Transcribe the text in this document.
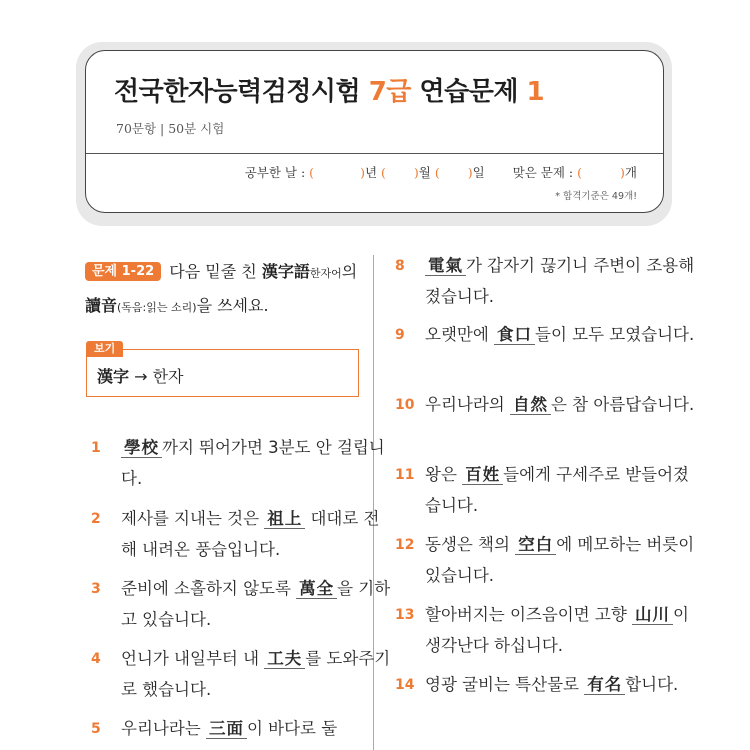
전국한자능력검정시험 7급 연습문제 1
70문항 | 50분 시험
공부한 날 : (	)년 ( )월 ( )일 맞은 문제 : (	)개
* 합격기준은 49개!
문제 1-22 다음 밑줄 친 漢字語한자어의 讀音(독음:읽는 소리)을 쓰세요.
漢字 → 한자
보기
1	學校 까지 뛰어가면 3분도 안 걸립니다.
2	제사를 지내는 것은 祖上 대대로 전해 내려온 풍습입니다.
3	준비에 소홀하지 않도록 萬全 을 기하고 있습니다.
4	언니가 내일부터 내 工夫 를 도와주기로 했습니다.
5	우리나라는 三面 이 바다로 둘
8	電氣 가 갑자기 끊기니 주변이 조용해졌습니다.
9	오랫만에 食口 들이 모두 모였습니다.
10 우리나라의 自然 은 참 아름답습니다.
11 왕은 百姓 들에게 구세주로 받들어졌습니다.
12 동생은 책의 空白 에 메모하는 버릇이 있습니다.
13 할아버지는 이즈음이면 고향 山川 이 생각난다 하십니다.
14 영광 굴비는 특산물로 有名 합니다.
